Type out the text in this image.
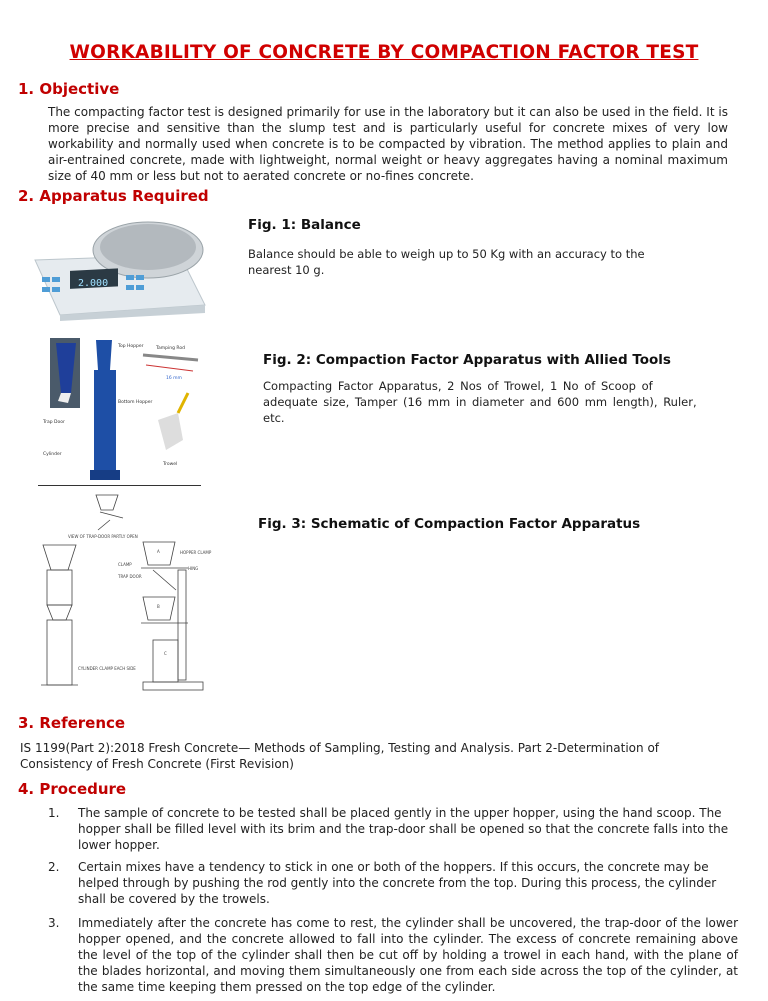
WORKABILITY OF CONCRETE BY COMPACTION FACTOR TEST
1. Objective

The compacting factor test is designed primarily for use in the laboratory but it can also be used in the field. It is more precise and sensitive than the slump test and is particularly useful for concrete mixes of very low workability and normally used when concrete is to be compacted by vibration. The method applies to plain and air-entrained concrete, made with lightweight, normal weight or heavy aggregates having a nominal maximum size of 40 mm or less but not to aerated concrete or no-fines concrete.

2. Apparatus Required
2.000
Fig. 1: Balance

Balance should be able to weigh up to 50 Kg with an accuracy to the nearest 10 g.

Top Hopper	Tamping Rod
Bottom Hopper
Trap Door
Cylinder
Trowel
16 mm
Fig. 2: Compaction Factor Apparatus with Allied Tools

Compacting Factor Apparatus, 2 Nos of Trowel, 1 No of Scoop of adequate size, Tamper (16 mm in diameter and 600 mm length), Ruler, etc.

VIEW OF TRAP-DOOR PARTLY OPEN
HOPPER CLAMP
CLAMP
HING
TRAP DOOR
CYLINDER CLAMP EACH SIDE
A
B
C
Fig. 3: Schematic of Compaction Factor Apparatus
3. Reference

IS 1199(Part 2):2018 Fresh Concrete— Methods of Sampling, Testing and Analysis. Part 2-Determination of Consistency of Fresh Concrete (First Revision)

4. Procedure
1. The sample of concrete to be tested shall be placed gently in the upper hopper, using the hand scoop. The hopper shall be filled level with its brim and the trap-door shall be opened so that the concrete falls into the lower hopper.
2. Certain mixes have a tendency to stick in one or both of the hoppers. If this occurs, the concrete may be helped through by pushing the rod gently into the concrete from the top. During this process, the cylinder shall be covered by the trowels.
3. Immediately after the concrete has come to rest, the cylinder shall be uncovered, the trap-door of the lower hopper opened, and the concrete allowed to fall into the cylinder. The excess of concrete remaining above the level of the top of the cylinder shall then be cut off by holding a trowel in each hand, with the plane of the blades horizontal, and moving them simultaneously one from each side across the top of the cylinder, at the same time keeping them pressed on the top edge of the cylinder.
